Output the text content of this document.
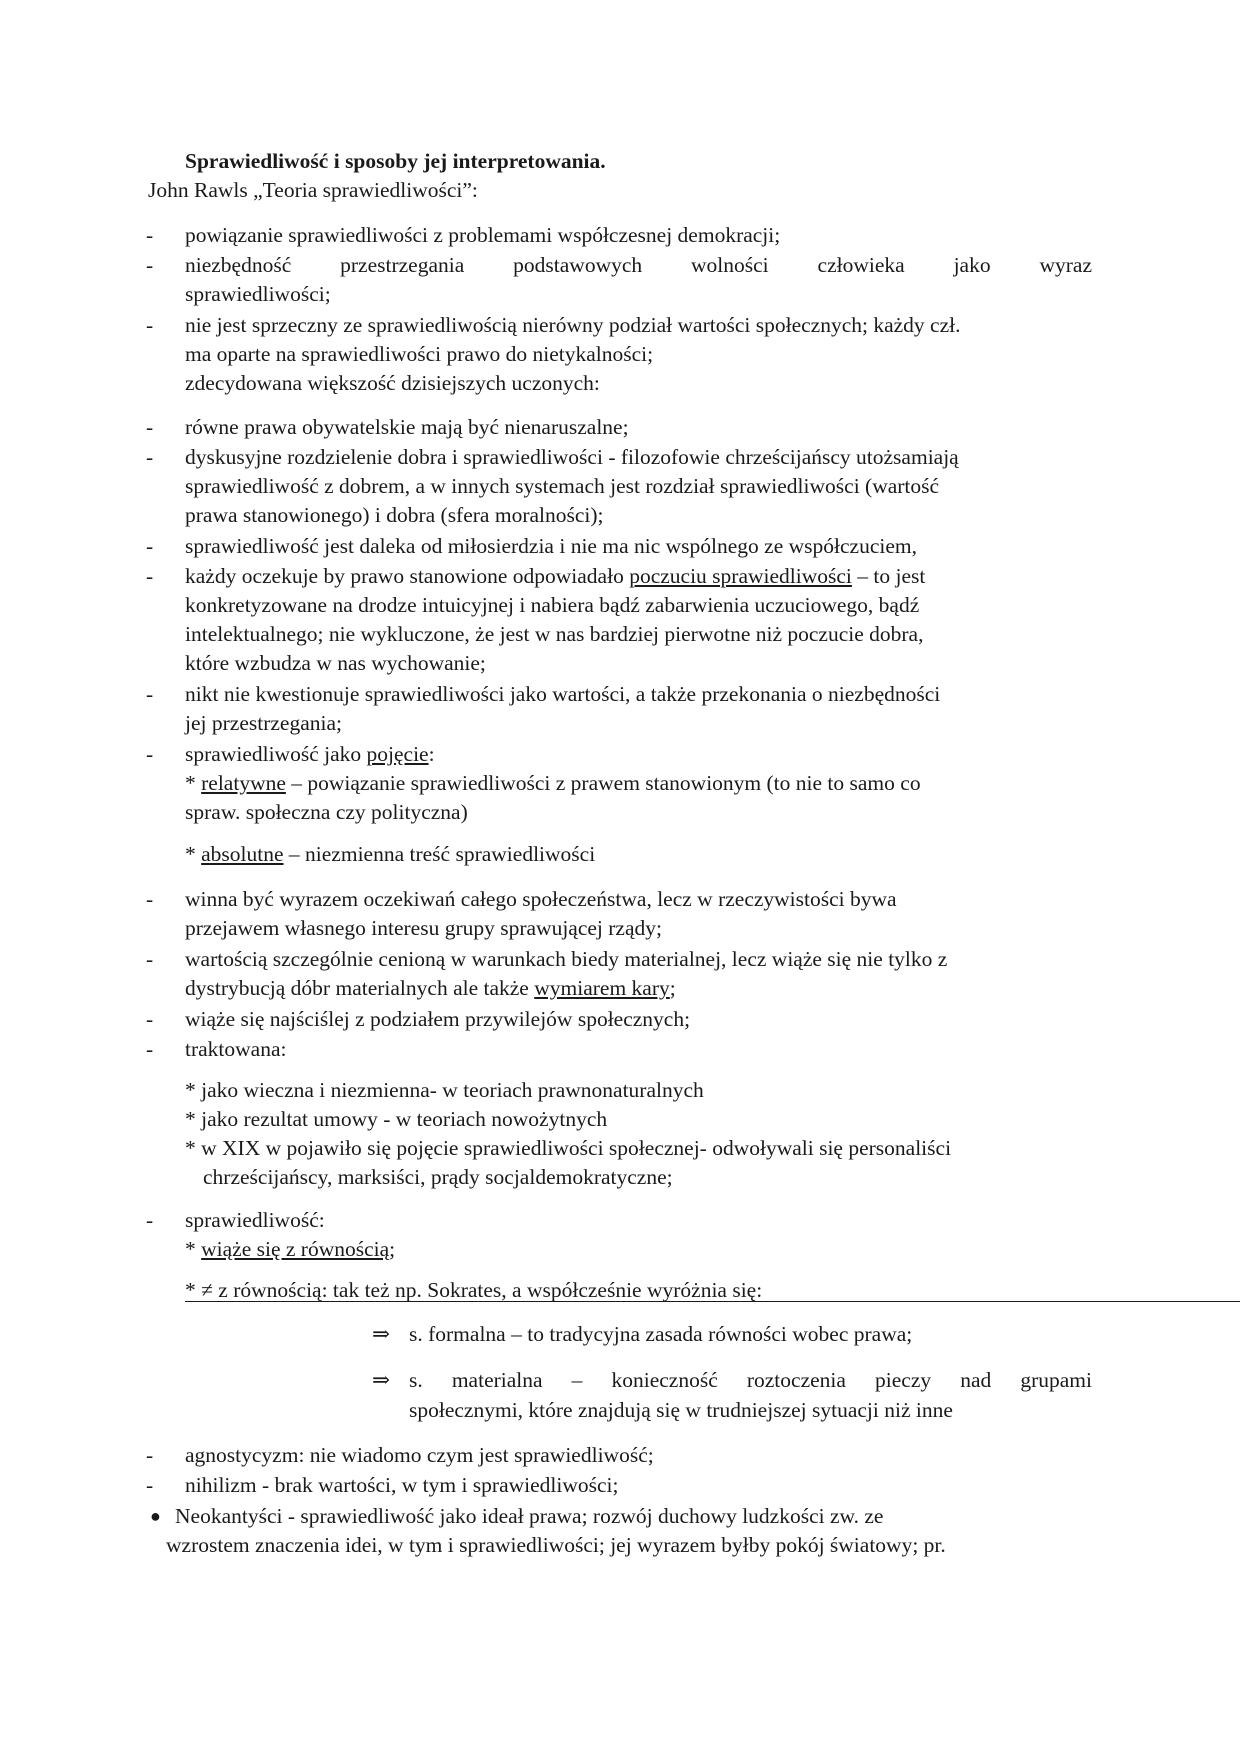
Sprawiedliwość i sposoby jej interpretowania.
John Rawls „Teoria sprawiedliwości”:
- powiązanie sprawiedliwości z problemami współczesnej demokracji;
- niezbędność przestrzegania podstawowych wolności człowieka jako wyraz
sprawiedliwości;
- nie jest sprzeczny ze sprawiedliwością nierówny podział wartości społecznych; każdy czł.
ma oparte na sprawiedliwości prawo do nietykalności;
zdecydowana większość dzisiejszych uczonych:
- równe prawa obywatelskie mają być nienaruszalne;
- dyskusyjne rozdzielenie dobra i sprawiedliwości - filozofowie chrześcijańscy utożsamiają
sprawiedliwość z dobrem, a w innych systemach jest rozdział sprawiedliwości (wartość
prawa stanowionego) i dobra (sfera moralności);
- sprawiedliwość jest daleka od miłosierdzia i nie ma nic wspólnego ze współczuciem,
- każdy oczekuje by prawo stanowione odpowiadało poczuciu sprawiedliwości – to jest
konkretyzowane na drodze intuicyjnej i nabiera bądź zabarwienia uczuciowego, bądź
intelektualnego; nie wykluczone, że jest w nas bardziej pierwotne niż poczucie dobra,
które wzbudza w nas wychowanie;
- nikt nie kwestionuje sprawiedliwości jako wartości, a także przekonania o niezbędności
jej przestrzegania;
- sprawiedliwość jako pojęcie:
* relatywne – powiązanie sprawiedliwości z prawem stanowionym (to nie to samo co
spraw. społeczna czy polityczna)
* absolutne – niezmienna treść sprawiedliwości
- winna być wyrazem oczekiwań całego społeczeństwa, lecz w rzeczywistości bywa
przejawem własnego interesu grupy sprawującej rządy;
- wartością szczególnie cenioną w warunkach biedy materialnej, lecz wiąże się nie tylko z
dystrybucją dóbr materialnych ale także wymiarem kary;
- wiąże się najściślej z podziałem przywilejów społecznych;
- traktowana:
* jako wieczna i niezmienna- w teoriach prawnonaturalnych
* jako rezultat umowy - w teoriach nowożytnych
* w XIX w pojawiło się pojęcie sprawiedliwości społecznej- odwoływali się personaliści
chrześcijańscy, marksiści, prądy socjaldemokratyczne;
- sprawiedliwość:
* wiąże się z równością;
* ≠ z równością: tak też np. Sokrates, a współcześnie wyróżnia się:
⇒ s. formalna – to tradycyjna zasada równości wobec prawa;
⇒ s. materialna – konieczność roztoczenia pieczy nad grupami
społecznymi, które znajdują się w trudniejszej sytuacji niż inne
- agnostycyzm: nie wiadomo czym jest sprawiedliwość;
- nihilizm - brak wartości, w tym i sprawiedliwości;
● Neokantyści - sprawiedliwość jako ideał prawa; rozwój duchowy ludzkości zw. ze
wzrostem znaczenia idei, w tym i sprawiedliwości; jej wyrazem byłby pokój światowy; pr.
